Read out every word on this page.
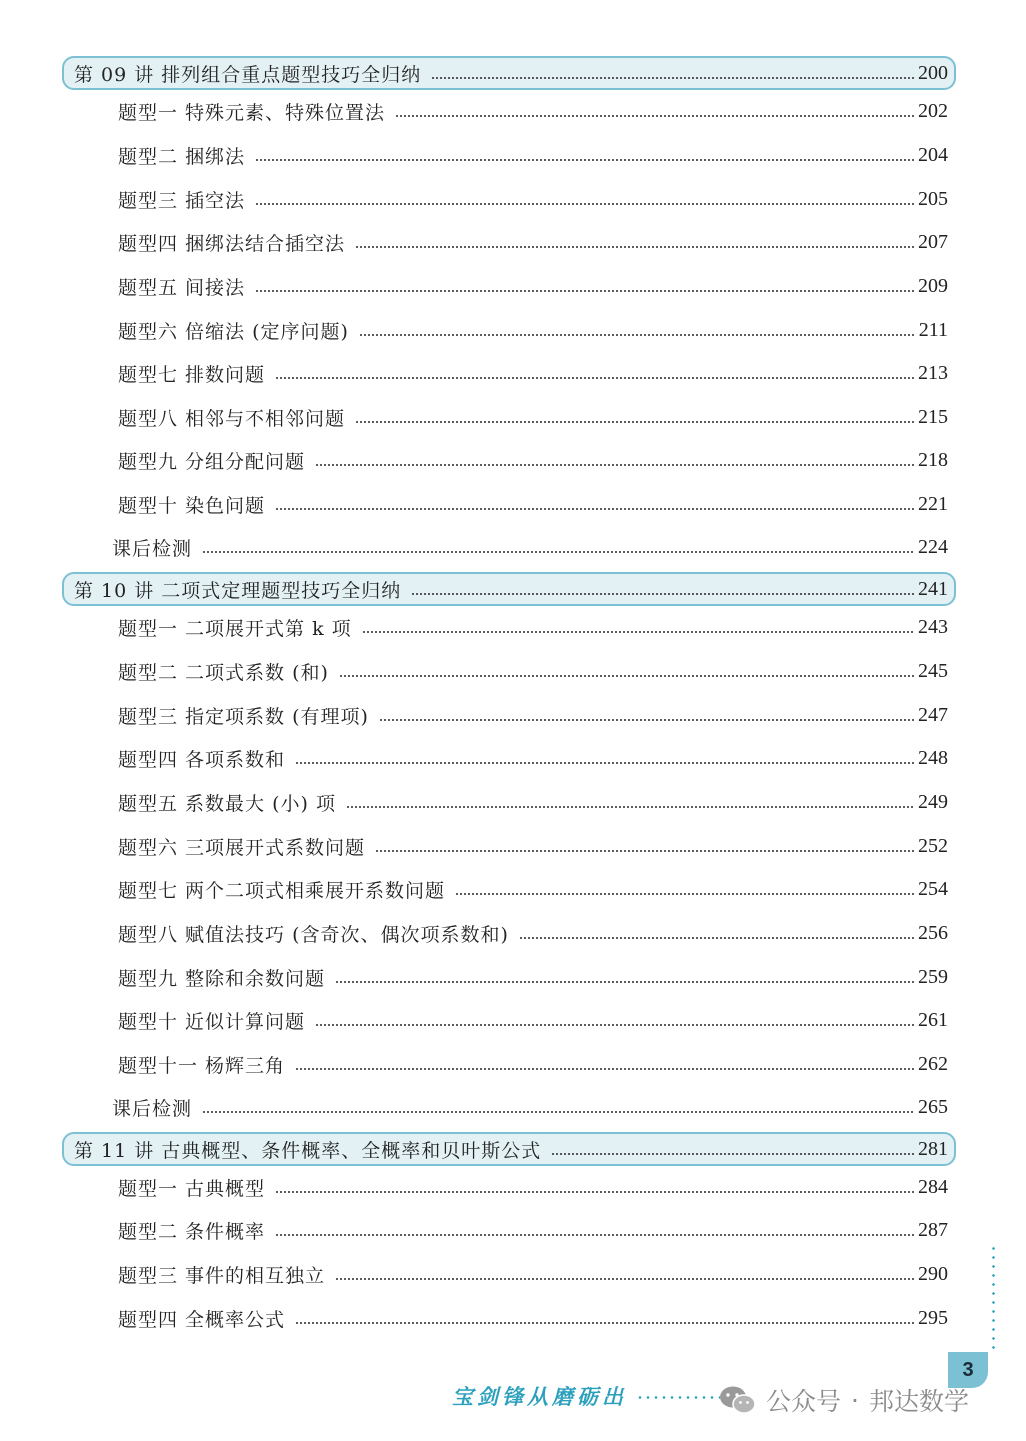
第 09 讲 排列组合重点题型技巧全归纳	200
题型一 特殊元素、特殊位置法	202
题型二 捆绑法	204
题型三 插空法	205
题型四 捆绑法结合插空法	207
题型五 间接法	209
题型六 倍缩法 (定序问题)	211
题型七 排数问题	213
题型八 相邻与不相邻问题	215
题型九 分组分配问题	218
题型十 染色问题	221
课后检测	224
第 10 讲 二项式定理题型技巧全归纳	241
题型一 二项展开式第 k 项	243
题型二 二项式系数 (和)	245
题型三 指定项系数 (有理项)	247
题型四 各项系数和	248
题型五 系数最大 (小) 项	249
题型六 三项展开式系数问题	252
题型七 两个二项式相乘展开系数问题	254
题型八 赋值法技巧 (含奇次、偶次项系数和)	256
题型九 整除和余数问题	259
题型十 近似计算问题	261
题型十一 杨辉三角	262
课后检测	265
第 11 讲 古典概型、条件概率、全概率和贝叶斯公式	281
题型一 古典概型	284
题型二 条件概率	287
题型三 事件的相互独立	290
题型四 全概率公式	295
宝剑锋从磨砺出
3
公众号 · 邦达数学
